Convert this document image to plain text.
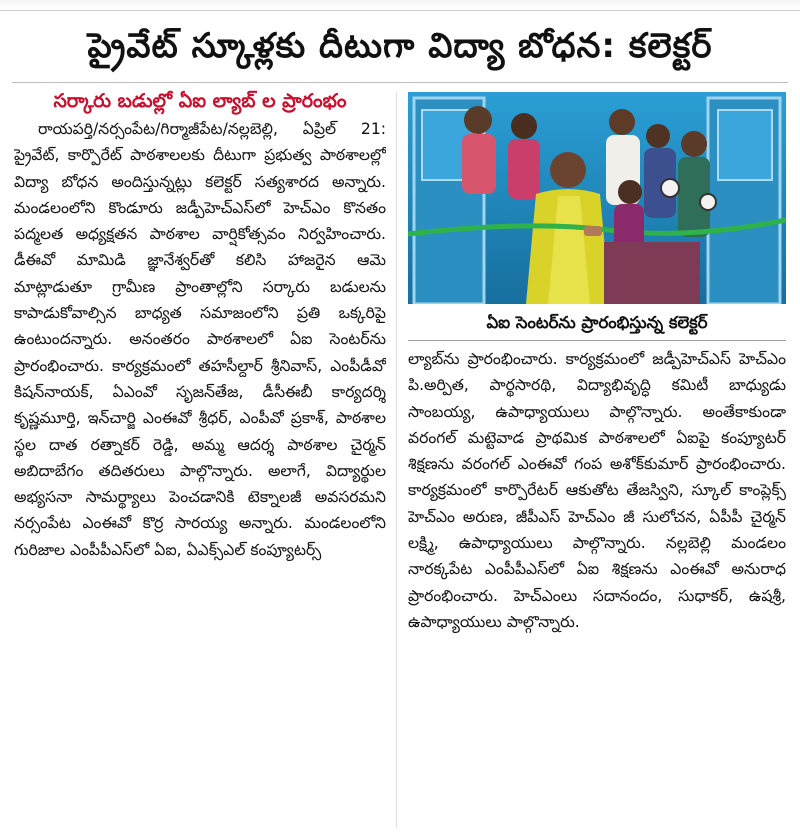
ప్రైవేట్ స్కూళ్లకు దీటుగా విద్యా బోధన: కలెక్టర్
సర్కారు బడుల్లో ఏఐ ల్యాబ్ ల ప్రారంభం

రాయపర్తి/నర్సంపేట/గిర్మాజీపేట/నల్లబెల్లి, ఏప్రిల్ 21: ప్రైవేట్, కార్పొరేట్ పాఠశాలలకు దీటుగా ప్రభుత్వ పాఠశాలల్లో విద్యా బోధన అందిస్తున్నట్లు కలెక్టర్ సత్యశారద అన్నారు. మండలంలోని కొండూరు జడ్పీహెచ్ఎస్‌లో హెచ్ఎం కొనతం పద్మలత అధ్యక్షతన పాఠశాల వార్షికోత్సవం నిర్వహించారు. డీఈవో మామిడి జ్ఞానేశ్వర్‌తో కలిసి హాజరైన ఆమె మాట్లాడుతూ గ్రామీణ ప్రాంతాల్లోని సర్కారు బడులను కాపాడుకోవాల్సిన బాధ్యత సమాజంలోని ప్రతి ఒక్కరిపై ఉంటుందన్నారు. అనంతరం పాఠశాలలో ఏఐ సెంటర్‌ను ప్రారంభించారు. కార్యక్రమంలో తహసీల్దార్ శ్రీనివాస్, ఎంపీడీవో కిషన్‌నాయక్, ఏఎంవో సృజన్‌తేజ, డీసీఈబీ కార్యదర్శి కృష్ణమూర్తి, ఇన్‌చార్జి ఎంఈవో శ్రీధర్, ఎంపీవో ప్రకాశ్, పాఠశాల స్థల దాత రత్నాకర్ రెడ్డి, అమ్మ ఆదర్శ పాఠశాల చైర్మన్ అబిదాబేగం తదితరులు పాల్గొన్నారు. అలాగే, విద్యార్థుల అభ్యసనా సామర్థ్యాలు పెంచడానికి టెక్నాలజీ అవసరమని నర్సంపేట ఎంఈవో కొర్ర సారయ్య అన్నారు. మండలంలోని గురిజాల ఎంపీపీఎస్‌లో ఏఐ, ఏఎక్స్‌ఎల్ కంప్యూటర్స్

ఏఐ సెంటర్‌ను ప్రారంభిస్తున్న కలెక్టర్

ల్యాబ్‌ను ప్రారంభించారు. కార్యక్రమంలో జడ్పీహెచ్ఎస్ హెచ్ఎం పి.అర్పిత, పార్థసారథి, విద్యాభివృద్ధి కమిటీ బాధ్యుడు సాంబయ్య, ఉపాధ్యాయులు పాల్గొన్నారు. అంతేకాకుండా వరంగల్ మట్టెవాడ ప్రాథమిక పాఠశాలలో ఏఐపై కంప్యూటర్ శిక్షణను వరంగల్ ఎంఈవో గంప అశోక్‌కుమార్ ప్రారంభించారు. కార్యక్రమంలో కార్పొరేటర్ ఆకుతోట తేజస్విని, స్కూల్ కాంప్లెక్స్ హెచ్ఎం అరుణ, జీపీఎస్ హెచ్ఎం జీ సులోచన, ఏపీపీ చైర్మన్ లక్ష్మి, ఉపాధ్యాయులు పాల్గొన్నారు. నల్లబెల్లి మండలం నారక్కపేట ఎంపీపీఎస్‌లో ఏఐ శిక్షణను ఎంఈవో అనురాధ ప్రారంభించారు. హెచ్ఎంలు సదానందం, సుధాకర్, ఉషశ్రీ, ఉపాధ్యాయులు పాల్గొన్నారు.
